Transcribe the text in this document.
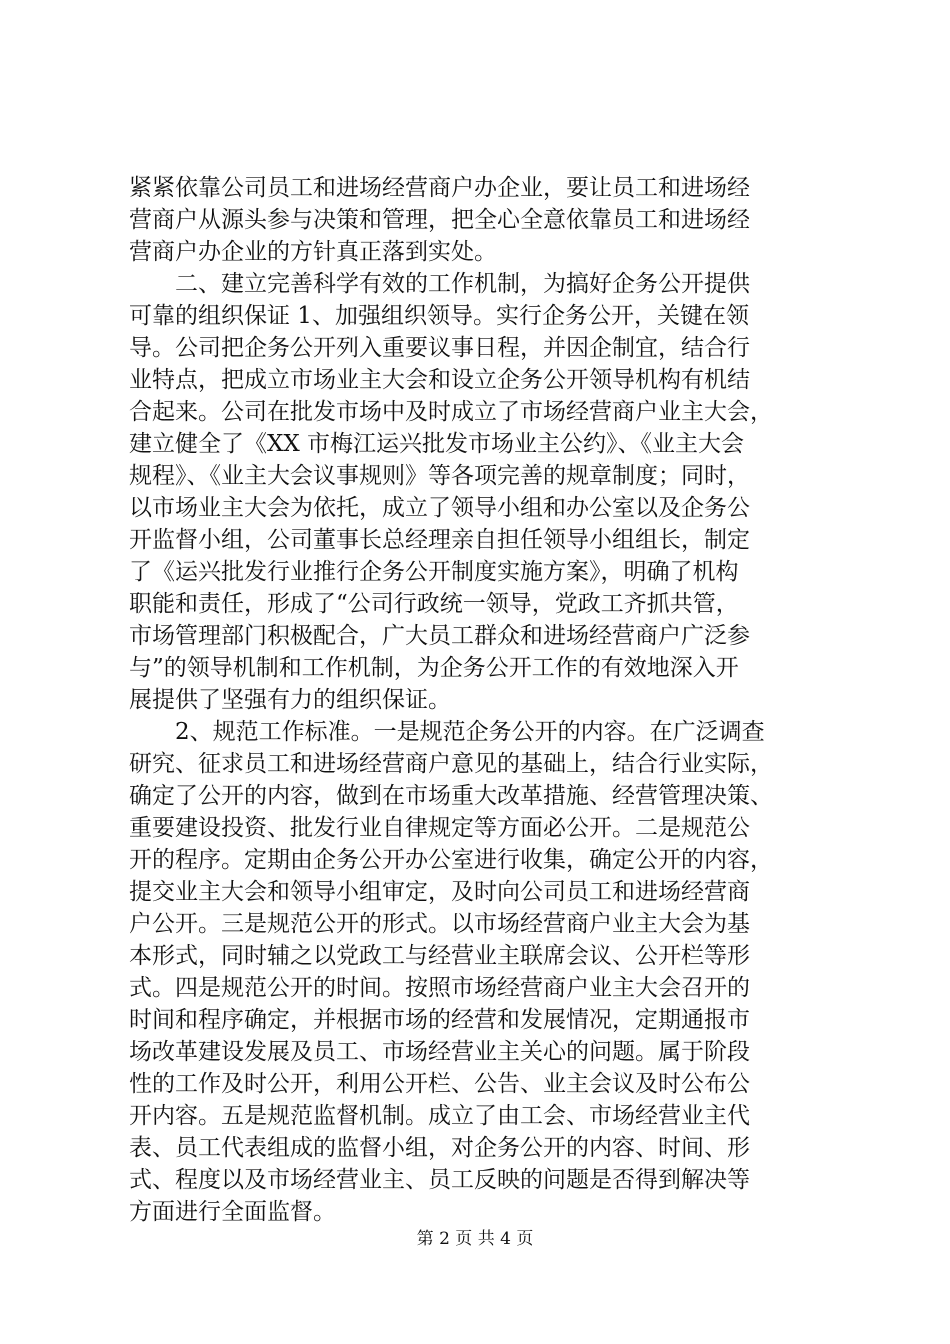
紧紧依靠公司员工和进场经营商户办企业，要让员工和进场经
营商户从源头参与决策和管理，把全心全意依靠员工和进场经
营商户办企业的方针真正落到实处。
二、建立完善科学有效的工作机制，为搞好企务公开提供
可靠的组织保证 1、加强组织领导。实行企务公开，关键在领
导。公司把企务公开列入重要议事日程，并因企制宜，结合行
业特点，把成立市场业主大会和设立企务公开领导机构有机结
合起来。公司在批发市场中及时成立了市场经营商户业主大会，
建立健全了《XX 市梅江运兴批发市场业主公约》、《业主大会
规程》、《业主大会议事规则》等各项完善的规章制度；同时，
以市场业主大会为依托，成立了领导小组和办公室以及企务公
开监督小组，公司董事长总经理亲自担任领导小组组长，制定
了《运兴批发行业推行企务公开制度实施方案》，明确了机构
职能和责任，形成了“公司行政统一领导，党政工齐抓共管，
市场管理部门积极配合，广大员工群众和进场经营商户广泛参
与”的领导机制和工作机制，为企务公开工作的有效地深入开
展提供了坚强有力的组织保证。
2、规范工作标准。一是规范企务公开的内容。在广泛调查
研究、征求员工和进场经营商户意见的基础上，结合行业实际，
确定了公开的内容，做到在市场重大改革措施、经营管理决策、
重要建设投资、批发行业自律规定等方面必公开。二是规范公
开的程序。定期由企务公开办公室进行收集，确定公开的内容，
提交业主大会和领导小组审定，及时向公司员工和进场经营商
户公开。三是规范公开的形式。以市场经营商户业主大会为基
本形式，同时辅之以党政工与经营业主联席会议、公开栏等形
式。四是规范公开的时间。按照市场经营商户业主大会召开的
时间和程序确定，并根据市场的经营和发展情况，定期通报市
场改革建设发展及员工、市场经营业主关心的问题。属于阶段
性的工作及时公开，利用公开栏、公告、业主会议及时公布公
开内容。五是规范监督机制。成立了由工会、市场经营业主代
表、员工代表组成的监督小组，对企务公开的内容、时间、形
式、程度以及市场经营业主、员工反映的问题是否得到解决等
方面进行全面监督。
第 2 页 共 4 页
